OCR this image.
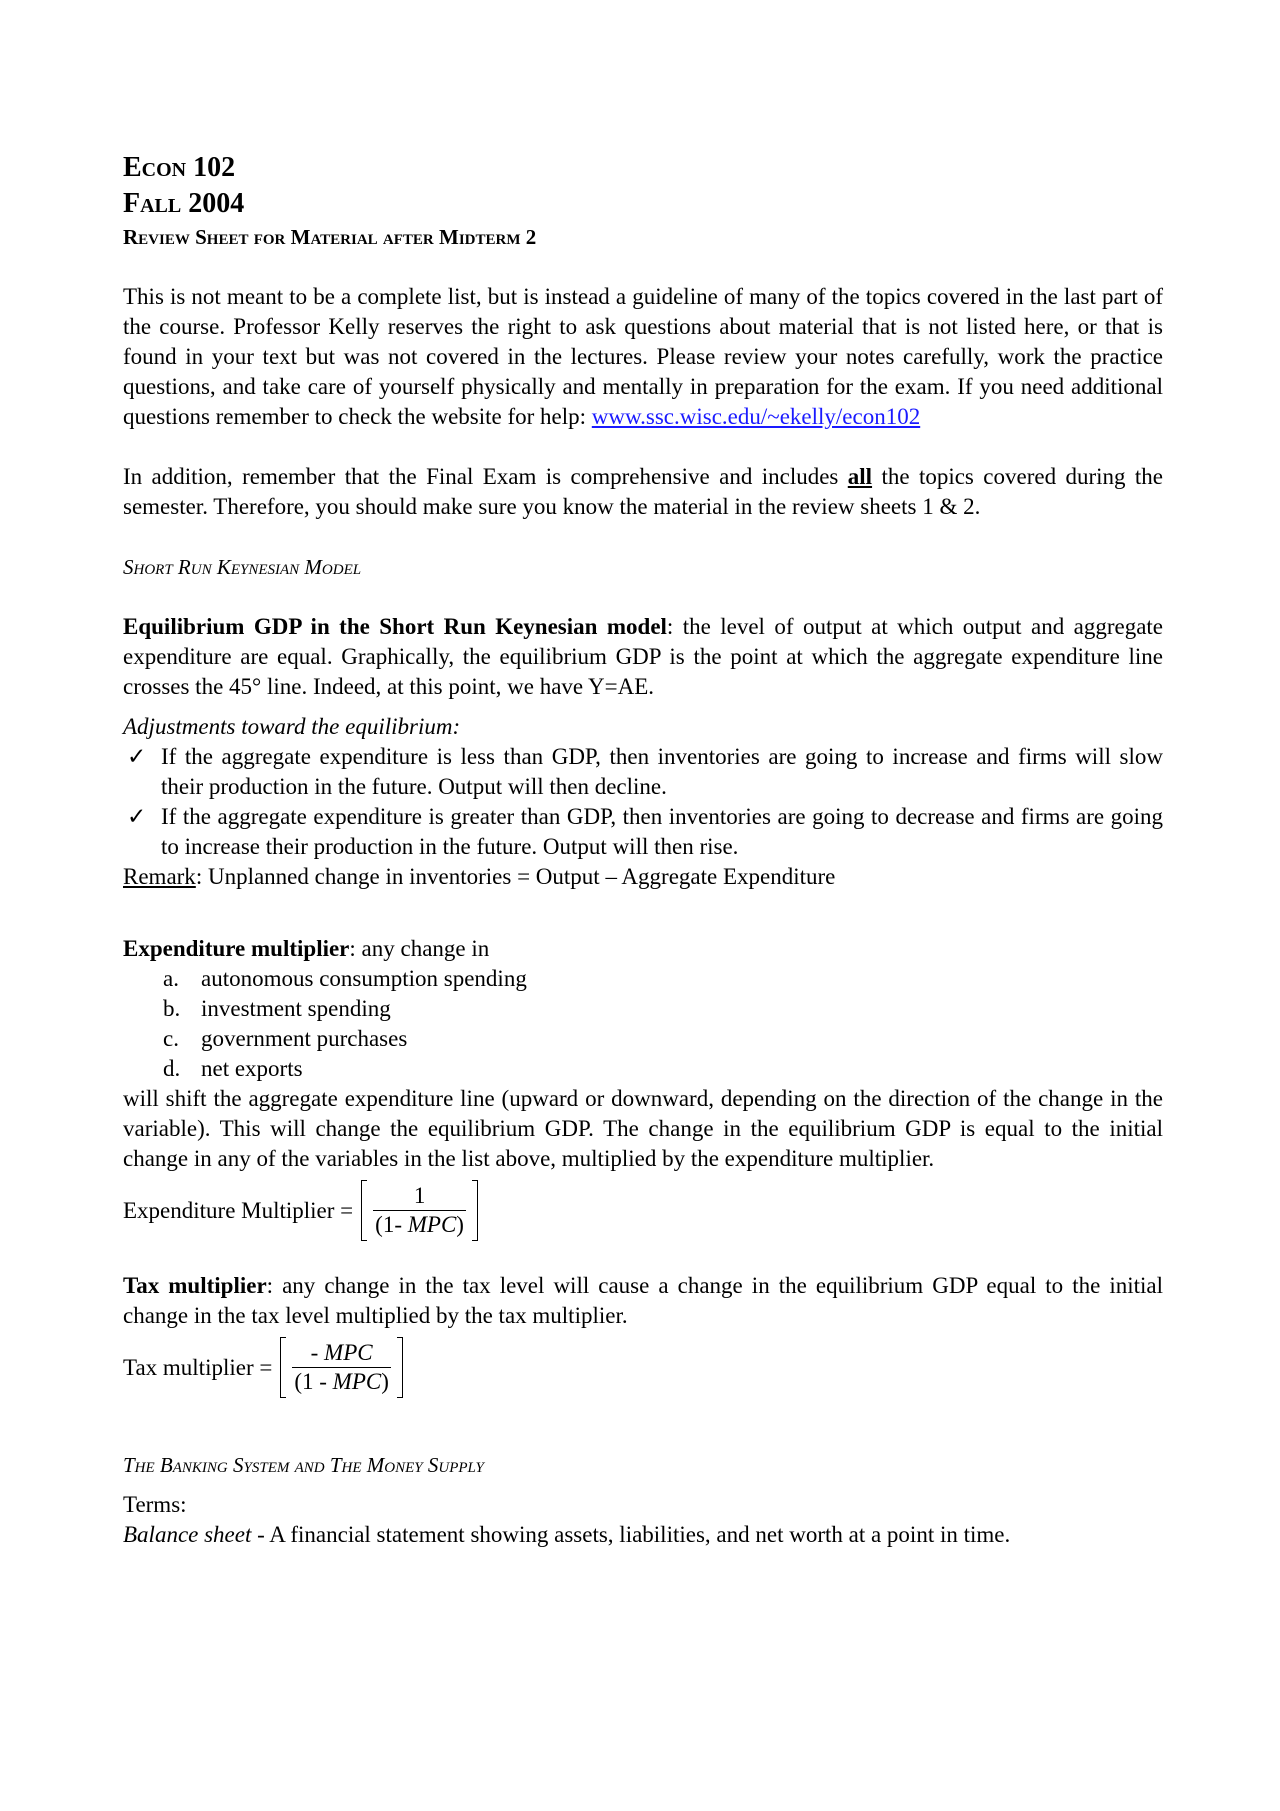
Econ 102
Fall 2004
Review Sheet for Material after Midterm 2

This is not meant to be a complete list, but is instead a guideline of many of the topics covered in the last part of the course. Professor Kelly reserves the right to ask questions about material that is not listed here, or that is found in your text but was not covered in the lectures. Please review your notes carefully, work the practice questions, and take care of yourself physically and mentally in preparation for the exam. If you need additional questions remember to check the website for help: www.ssc.wisc.edu/~ekelly/econ102

In addition, remember that the Final Exam is comprehensive and includes all the topics covered during the semester. Therefore, you should make sure you know the material in the review sheets 1 & 2.

Short Run Keynesian Model

Equilibrium GDP in the Short Run Keynesian model: the level of output at which output and aggregate expenditure are equal. Graphically, the equilibrium GDP is the point at which the aggregate expenditure line crosses the 45° line. Indeed, at this point, we have Y=AE.

Adjustments toward the equilibrium:

✓ If the aggregate expenditure is less than GDP, then inventories are going to increase and firms will slow their production in the future. Output will then decline.
✓ If the aggregate expenditure is greater than GDP, then inventories are going to decrease and firms are going to increase their production in the future. Output will then rise.

Remark: Unplanned change in inventories = Output – Aggregate Expenditure

Expenditure multiplier: any change in

a. autonomous consumption spending
b. investment spending
c. government purchases
d. net exports

will shift the aggregate expenditure line (upward or downward, depending on the direction of the change in the variable). This will change the equilibrium GDP. The change in the equilibrium GDP is equal to the initial change in any of the variables in the list above, multiplied by the expenditure multiplier.

Expenditure Multiplier = $\frac{1}{\text{(1- MPC)}}$

Tax multiplier: any change in the tax level will cause a change in the equilibrium GDP equal to the initial change in the tax level multiplied by the tax multiplier.

Tax multiplier = $\frac{\text{- MPC}}{\text{(1 - MPC)}}$
The Banking System and The Money Supply

Terms:

Balance sheet - A financial statement showing assets, liabilities, and net worth at a point in time.
